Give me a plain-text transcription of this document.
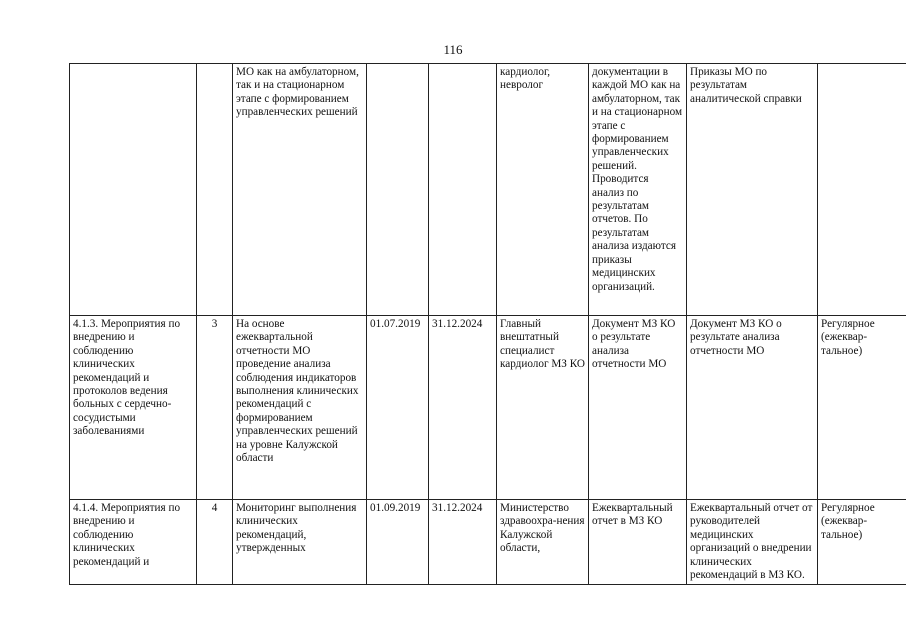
116
		МО как на амбулаторном, так и на стационарном этапе с формированием управленческих решений			кардиолог, невролог	документации в каждой МО как на амбулаторном, так и на стационарном этапе с формированием управленческих решений. Проводится анализ по результатам отчетов. По результатам анализа издаются приказы медицинских организаций.	Приказы МО по результатам аналитической справки	
4.1.3. Мероприятия по внедрению и соблюдению клинических рекомендаций и протоколов ведения больных с сердечно-сосудистыми заболеваниями	3	На основе ежеквартальной отчетности МО проведение анализа соблюдения индикаторов выполнения клинических рекомендаций с формированием управленческих решений на уровне Калужской области	01.07.2019	31.12.2024	Главный внештатный специалист кардиолог МЗ КО	Документ МЗ КО о результате анализа отчетности МО	Документ МЗ КО о результате анализа отчетности МО	Регулярное (ежеквар-тальное)
4.1.4. Мероприятия по внедрению и соблюдению клинических рекомендаций и	4	Мониторинг выполнения клинических рекомендаций, утвержденных	01.09.2019	31.12.2024	Министерство здравоохра-нения Калужской области,	Ежеквартальный отчет в МЗ КО	Ежеквартальный отчет от руководителей медицинских организаций о внедрении клинических рекомендаций в МЗ КО.	Регулярное (ежеквар-тальное)
